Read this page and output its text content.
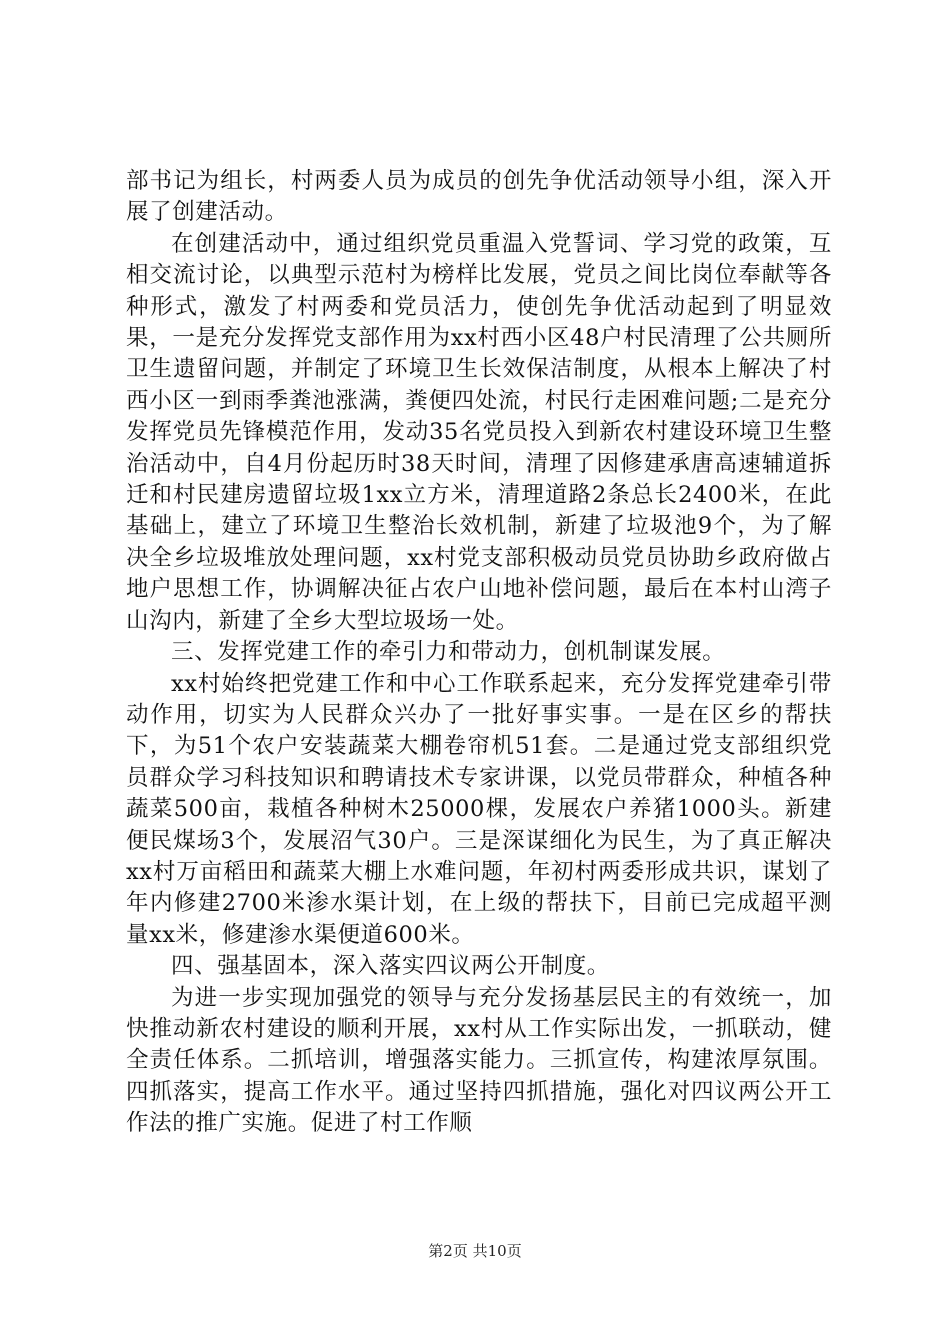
部书记为组长，村两委人员为成员的创先争优活动领导小组，深入开展了创建活动。

在创建活动中，通过组织党员重温入党誓词、学习党的政策，互相交流讨论，以典型示范村为榜样比发展，党员之间比岗位奉献等各种形式，激发了村两委和党员活力，使创先争优活动起到了明显效果，一是充分发挥党支部作用为xx村西小区48户村民清理了公共厕所卫生遗留问题，并制定了环境卫生长效保洁制度，从根本上解决了村西小区一到雨季粪池涨满，粪便四处流，村民行走困难问题;二是充分发挥党员先锋模范作用，发动35名党员投入到新农村建设环境卫生整治活动中，自4月份起历时38天时间，清理了因修建承唐高速辅道拆迁和村民建房遗留垃圾1xx立方米，清理道路2条总长2400米，在此基础上，建立了环境卫生整治长效机制，新建了垃圾池9个，为了解决全乡垃圾堆放处理问题，xx村党支部积极动员党员协助乡政府做占地户思想工作，协调解决征占农户山地补偿问题，最后在本村山湾子山沟内，新建了全乡大型垃圾场一处。

三、发挥党建工作的牵引力和带动力，创机制谋发展。

xx村始终把党建工作和中心工作联系起来，充分发挥党建牵引带动作用，切实为人民群众兴办了一批好事实事。一是在区乡的帮扶下，为51个农户安装蔬菜大棚卷帘机51套。二是通过党支部组织党员群众学习科技知识和聘请技术专家讲课，以党员带群众，种植各种蔬菜500亩，栽植各种树木25000棵，发展农户养猪1000头。新建便民煤场3个，发展沼气30户。三是深谋细化为民生，为了真正解决xx村万亩稻田和蔬菜大棚上水难问题，年初村两委形成共识，谋划了年内修建2700米渗水渠计划，在上级的帮扶下，目前已完成超平测量xx米，修建渗水渠便道600米。

四、强基固本，深入落实四议两公开制度。

为进一步实现加强党的领导与充分发扬基层民主的有效统一，加快推动新农村建设的顺利开展，xx村从工作实际出发，一抓联动，健全责任体系。二抓培训，增强落实能力。三抓宣传，构建浓厚氛围。四抓落实，提高工作水平。通过坚持四抓措施，强化对四议两公开工作法的推广实施。促进了村工作顺

第2页 共10页
